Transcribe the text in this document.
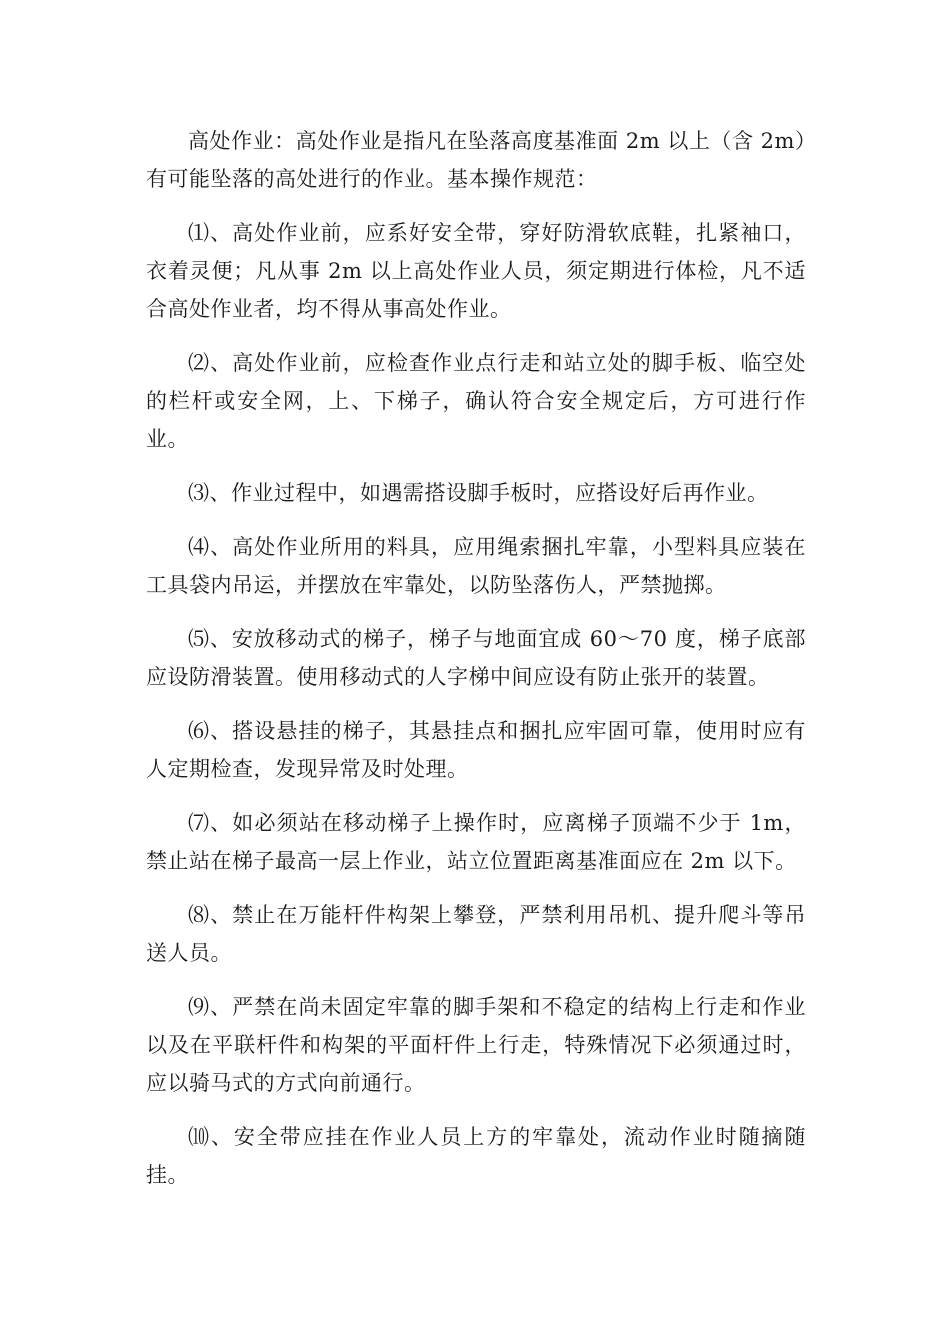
高处作业：高处作业是指凡在坠落高度基准面 2m 以上（含 2m）有可能坠落的高处进行的作业。基本操作规范：

⑴、高处作业前，应系好安全带，穿好防滑软底鞋，扎紧袖口，衣着灵便；凡从事 2m 以上高处作业人员，须定期进行体检，凡不适合高处作业者，均不得从事高处作业。

⑵、高处作业前，应检查作业点行走和站立处的脚手板、临空处的栏杆或安全网，上、下梯子，确认符合安全规定后，方可进行作业。

⑶、作业过程中，如遇需搭设脚手板时，应搭设好后再作业。

⑷、高处作业所用的料具，应用绳索捆扎牢靠，小型料具应装在工具袋内吊运，并摆放在牢靠处，以防坠落伤人，严禁抛掷。

⑸、安放移动式的梯子，梯子与地面宜成 60～70 度，梯子底部应设防滑装置。使用移动式的人字梯中间应设有防止张开的装置。

⑹、搭设悬挂的梯子，其悬挂点和捆扎应牢固可靠，使用时应有人定期检查，发现异常及时处理。

⑺、如必须站在移动梯子上操作时，应离梯子顶端不少于 1m，禁止站在梯子最高一层上作业，站立位置距离基准面应在 2m 以下。

⑻、禁止在万能杆件构架上攀登，严禁利用吊机、提升爬斗等吊送人员。

⑼、严禁在尚未固定牢靠的脚手架和不稳定的结构上行走和作业以及在平联杆件和构架的平面杆件上行走，特殊情况下必须通过时，应以骑马式的方式向前通行。

⑽、安全带应挂在作业人员上方的牢靠处，流动作业时随摘随挂。
